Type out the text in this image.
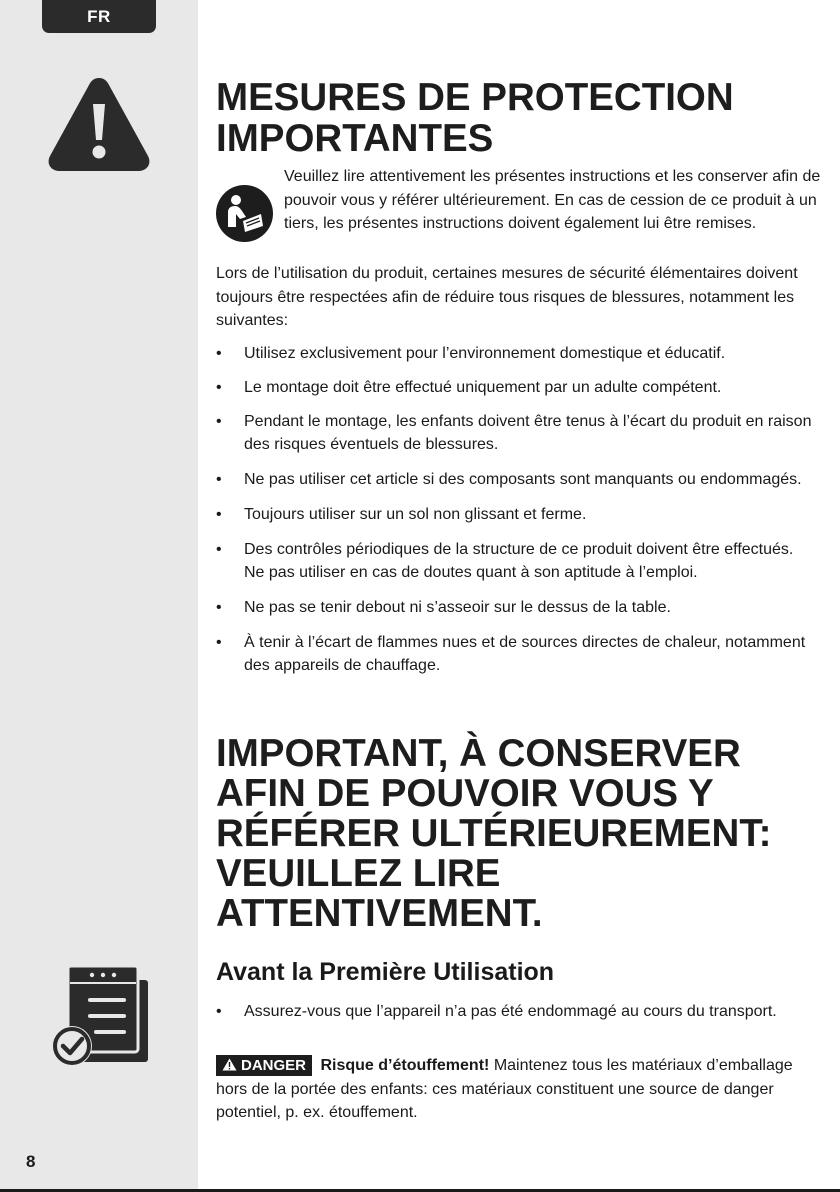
FR
8
MESURES DE PROTECTION IMPORTANTES
Veuillez lire attentivement les présentes instructions et les conserver afin de pouvoir vous y référer ultérieurement. En cas de cession de ce produit à un tiers, les présentes instructions doivent également lui être remises.
Lors de l’utilisation du produit, certaines mesures de sécurité élémentaires doivent toujours être respectées afin de réduire tous risques de blessures, notamment les suivantes:
• Utilisez exclusivement pour l’environnement domestique et éducatif.
• Le montage doit être effectué uniquement par un adulte compétent.
• Pendant le montage, les enfants doivent être tenus à l’écart du produit en raison des risques éventuels de blessures.
• Ne pas utiliser cet article si des composants sont manquants ou endommagés.
• Toujours utiliser sur un sol non glissant et ferme.
• Des contrôles périodiques de la structure de ce produit doivent être effectués. Ne pas utiliser en cas de doutes quant à son aptitude à l’emploi.
• Ne pas se tenir debout ni s’asseoir sur le dessus de la table.
• À tenir à l’écart de flammes nues et de sources directes de chaleur, notamment des appareils de chauffage.
IMPORTANT, À CONSERVER AFIN DE POUVOIR VOUS Y RÉFÉRER ULTÉRIEUREMENT: VEUILLEZ LIRE ATTENTIVEMENT.
Avant la Première Utilisation
• Assurez-vous que l’appareil n’a pas été endommagé au cours du transport.
DANGER Risque d’étouffement! Maintenez tous les matériaux d’emballage hors de la portée des enfants: ces matériaux constituent une source de danger potentiel, p. ex. étouffement.
